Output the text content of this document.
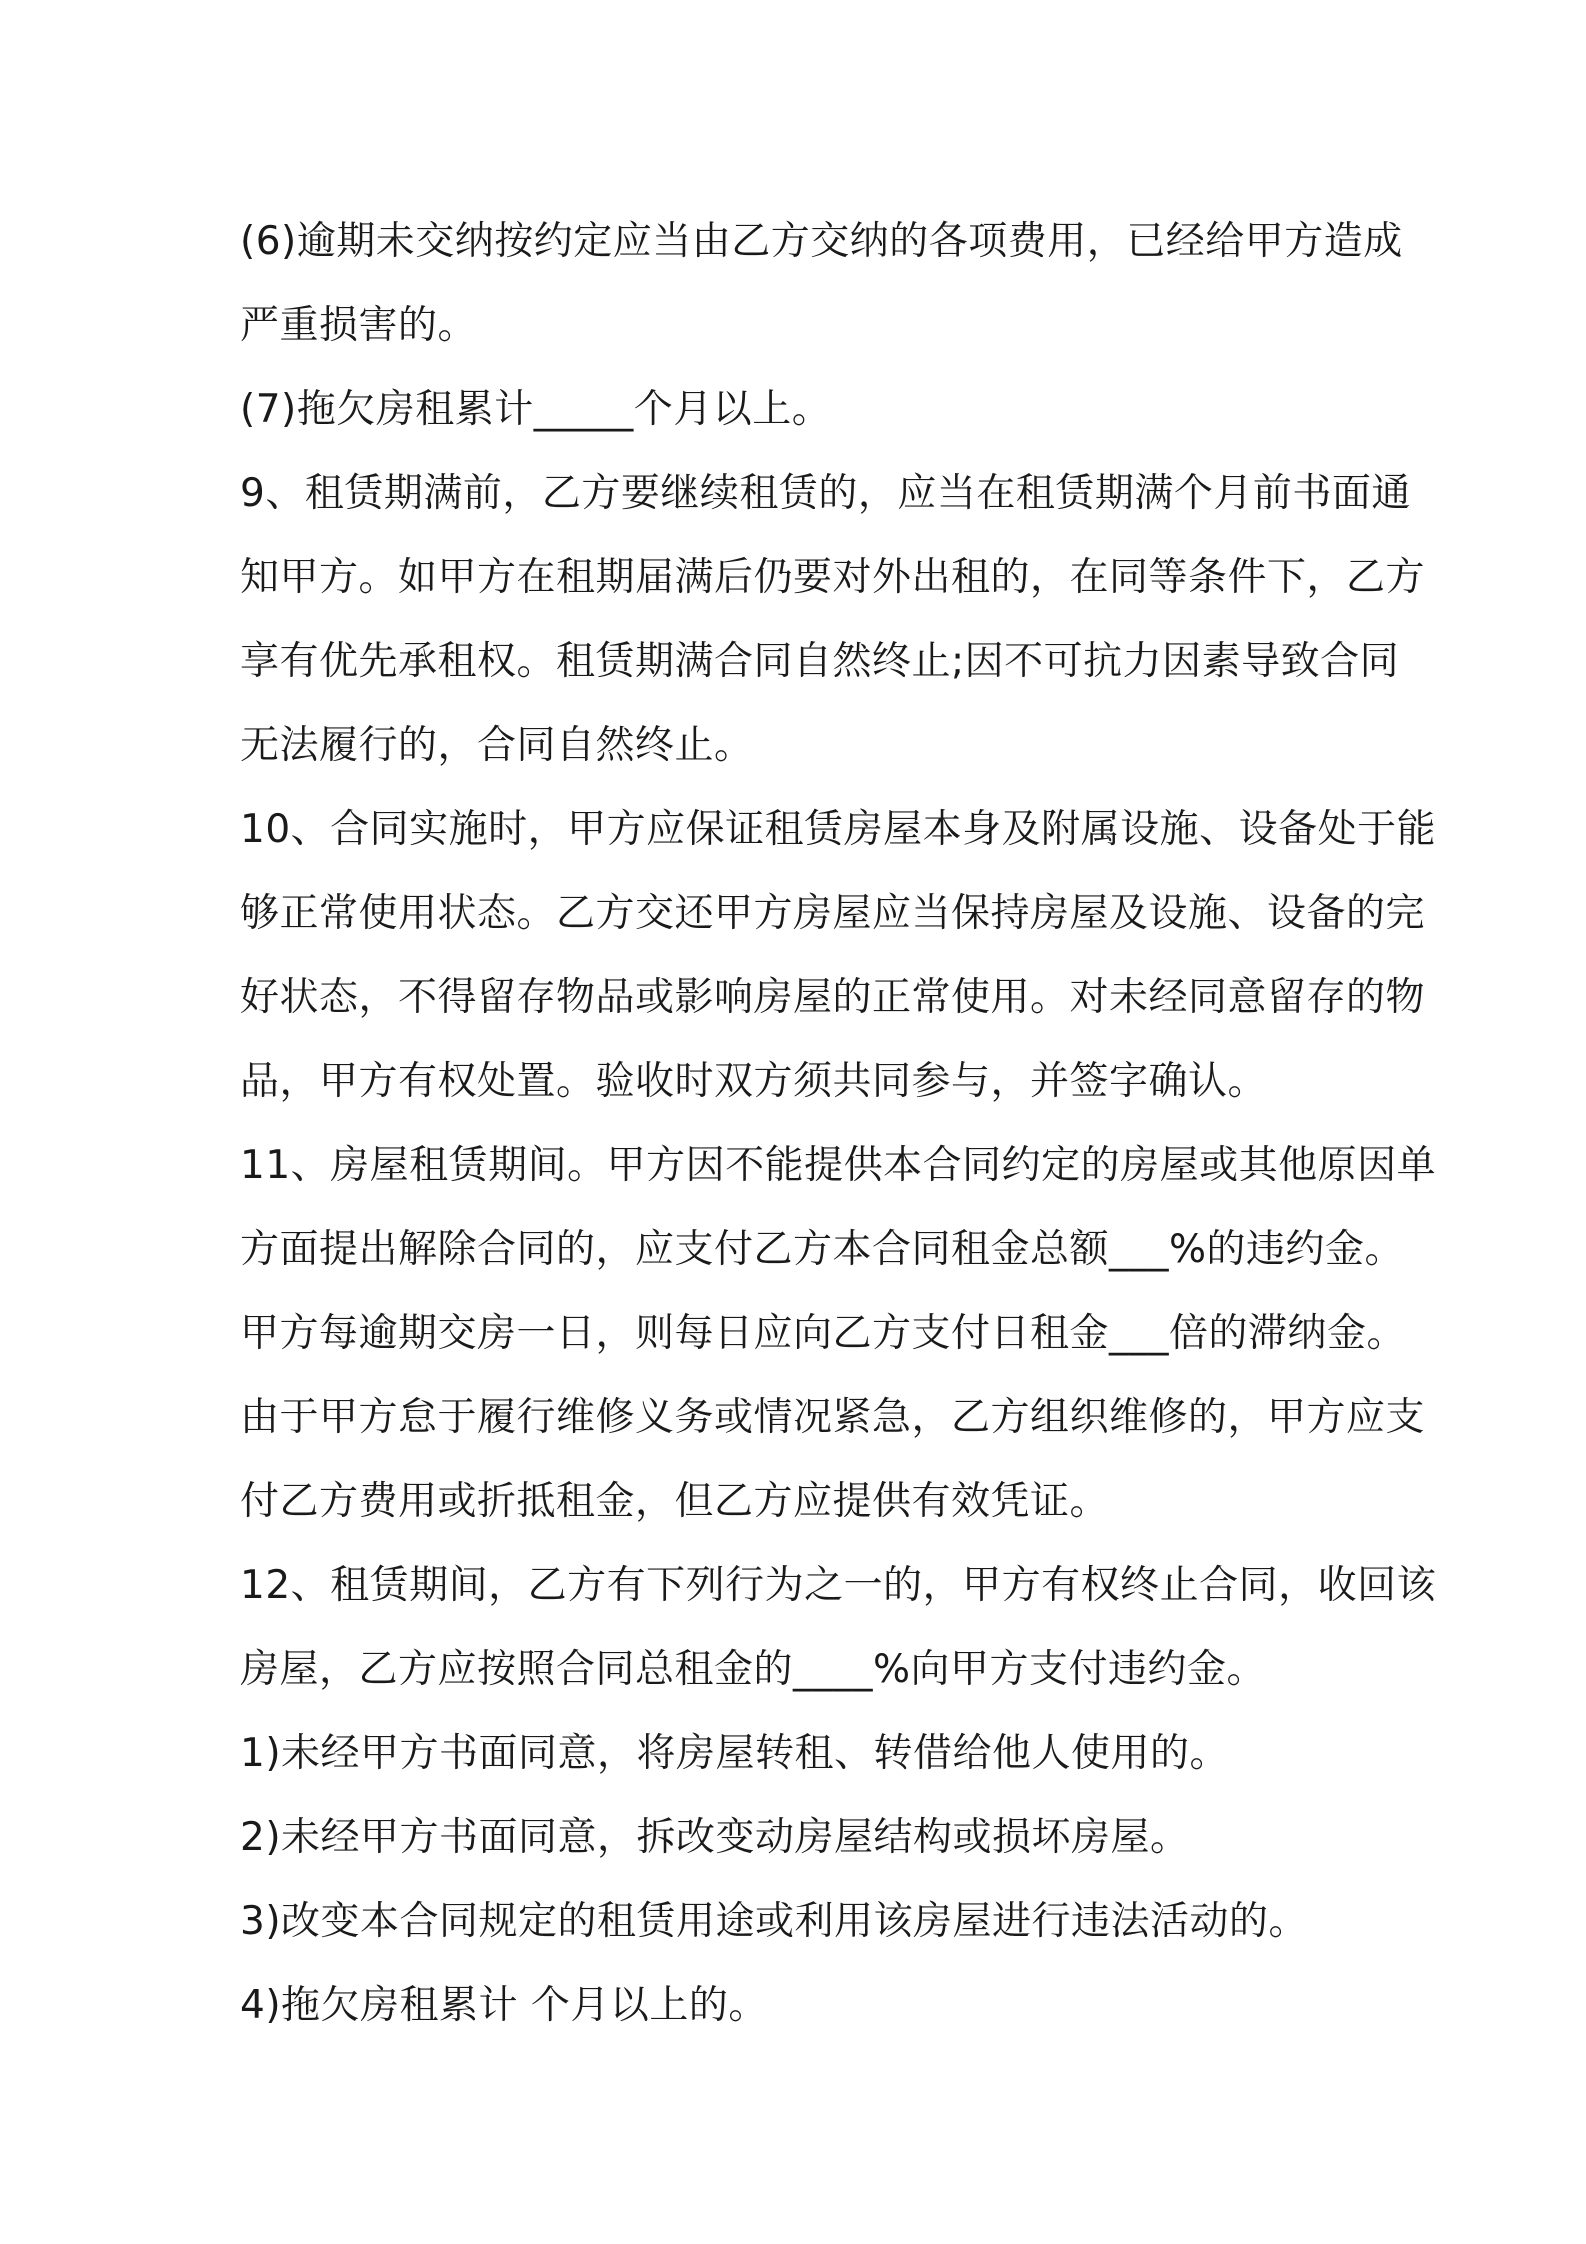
(6)逾期未交纳按约定应当由乙方交纳的各项费用，已经给甲方造成
严重损害的。

(7)拖欠房租累计_____个月以上。

9、租赁期满前，乙方要继续租赁的，应当在租赁期满个月前书面通
知甲方。如甲方在租期届满后仍要对外出租的，在同等条件下，乙方
享有优先承租权。租赁期满合同自然终止;因不可抗力因素导致合同
无法履行的，合同自然终止。

10、合同实施时，甲方应保证租赁房屋本身及附属设施、设备处于能
够正常使用状态。乙方交还甲方房屋应当保持房屋及设施、设备的完
好状态，不得留存物品或影响房屋的正常使用。对未经同意留存的物
品，甲方有权处置。验收时双方须共同参与，并签字确认。

11、房屋租赁期间。甲方因不能提供本合同约定的房屋或其他原因单
方面提出解除合同的，应支付乙方本合同租金总额___%的违约金。
甲方每逾期交房一日，则每日应向乙方支付日租金___倍的滞纳金。
由于甲方怠于履行维修义务或情况紧急，乙方组织维修的，甲方应支
付乙方费用或折抵租金，但乙方应提供有效凭证。

12、租赁期间，乙方有下列行为之一的，甲方有权终止合同，收回该
房屋，乙方应按照合同总租金的____%向甲方支付违约金。

1)未经甲方书面同意，将房屋转租、转借给他人使用的。

2)未经甲方书面同意，拆改变动房屋结构或损坏房屋。

3)改变本合同规定的租赁用途或利用该房屋进行违法活动的。

4)拖欠房租累计 个月以上的。
